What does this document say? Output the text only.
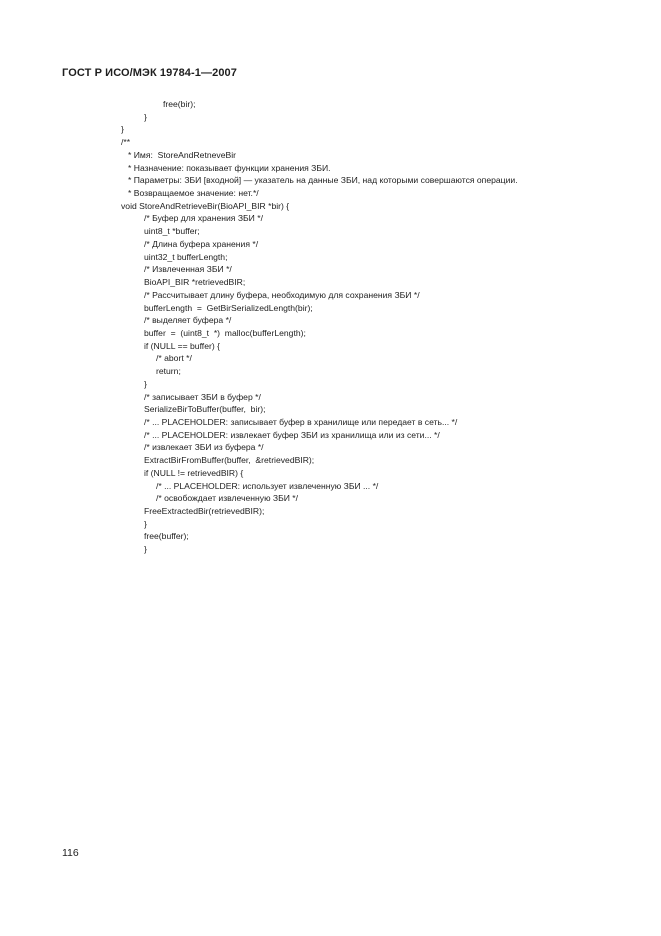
ГОСТ Р ИСО/МЭК 19784-1—2007
free(bir);
}
}
/**
* Имя:  StoreAndRetneveBir
* Назначение: показывает функции хранения ЗБИ.
* Параметры: ЗБИ [входной] — указатель на данные ЗБИ, над которыми совершаются операции.
* Возвращаемое значение: нет.*/
void StoreAndRetrieveBir(BioAPI_BIR *bir) {
/* Буфер для хранения ЗБИ */
uint8_t *buffer;
/* Длина буфера хранения */
uint32_t bufferLength;
/* Извлеченная ЗБИ */
BioAPI_BIR *retrievedBIR;
/* Рассчитывает длину буфера, необходимую для сохранения ЗБИ */
bufferLength  =  GetBirSerializedLength(bir);
/* выделяет буфера */
buffer  =  (uint8_t  *)  malloc(bufferLength);
if (NULL == buffer) {
/* abort */
return;
}
/* записывает ЗБИ в буфер */
SerializeBirToBuffer(buffer,  bir);
/* ... PLACEHOLDER: записывает буфер в хранилище или передает в сеть... */
/* ... PLACEHOLDER: извлекает буфер ЗБИ из хранилища или из сети... */
/* извлекает ЗБИ из буфера */
ExtractBirFromBuffer(buffer,  &retrievedBIR);
if (NULL != retrievedBIR) {
/* ... PLACEHOLDER: использует извлеченную ЗБИ ... */
/* освобождает извлеченную ЗБИ */
FreeExtractedBir(retrievedBIR);
}
free(buffer);
}
116
